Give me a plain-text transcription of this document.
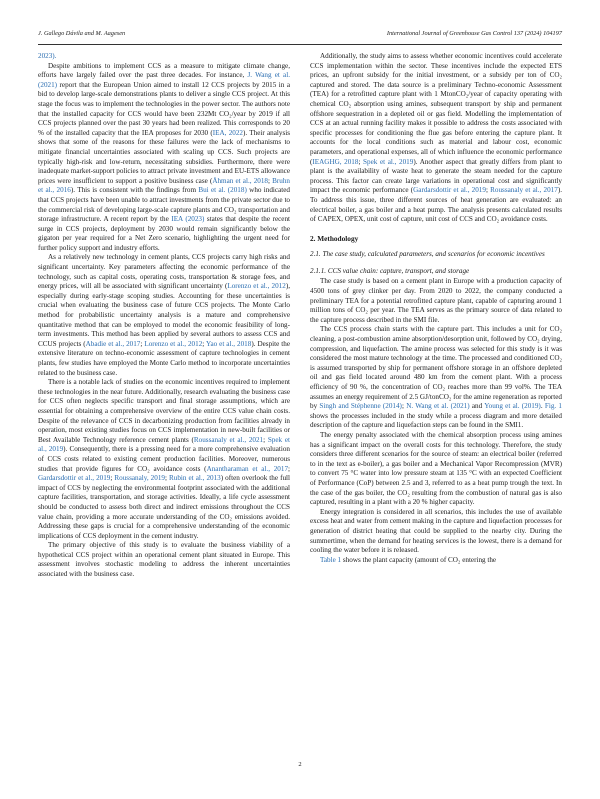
J. Gallego Dávila and M. Aagesen	International Journal of Greenhouse Gas Control 137 (2024) 104197

2023).

Despite ambitions to implement CCS as a measure to mitigate climate change, efforts have largely failed over the past three decades. For instance, J. Wang et al. (2021) report that the European Union aimed to install 12 CCS projects by 2015 in a bid to develop large-scale demonstrations plants to deliver a single CCS project. At this stage the focus was to implement the technologies in the power sector. The authors note that the installed capacity for CCS would have been 232Mt CO₂/year by 2019 if all CCS projects planned over the past 30 years had been realized. This corresponds to 20 % of the installed capacity that the IEA proposes for 2030 (IEA, 2022). Their analysis shows that some of the reasons for these failures were the lack of mechanisms to mitigate financial uncertainties associated with scaling up CCS. Such projects are typically high-risk and low-return, necessitating subsidies. Furthermore, there were inadequate market-support policies to attract private investment and EU-ETS allowance prices were insufficient to support a positive business case (Åhman et al., 2018; Bruhn et al., 2016). This is consistent with the findings from Bui et al. (2018) who indicated that CCS projects have been unable to attract investments from the private sector due to the commercial risk of developing large-scale capture plants and CO₂ transportation and storage infrastructure. A recent report by the IEA (2023) states that despite the recent surge in CCS projects, deployment by 2030 would remain significantly below the gigaton per year required for a Net Zero scenario, highlighting the urgent need for further policy support and industry efforts.

As a relatively new technology in cement plants, CCS projects carry high risks and significant uncertainty. Key parameters affecting the economic performance of the technology, such as capital costs, operating costs, transportation & storage fees, and energy prices, will all be associated with significant uncertainty (Lorenzo et al., 2012), especially during early-stage scoping studies. Accounting for these uncertainties is crucial when evaluating the business case of future CCS projects. The Monte Carlo method for probabilistic uncertainty analysis is a mature and comprehensive quantitative method that can be employed to model the economic feasibility of long-term investments. This method has been applied by several authors to assess CCS and CCUS projects (Abadie et al., 2017; Lorenzo et al., 2012; Yao et al., 2018). Despite the extensive literature on techno-economic assessment of capture technologies in cement plants, few studies have employed the Monte Carlo method to incorporate uncertainties related to the business case.

There is a notable lack of studies on the economic incentives required to implement these technologies in the near future. Additionally, research evaluating the business case for CCS often neglects specific transport and final storage assumptions, which are essential for obtaining a comprehensive overview of the entire CCS value chain costs. Despite of the relevance of CCS in decarbonizing production from facilities already in operation, most existing studies focus on CCS implementation in new-built facilities or Best Available Technology reference cement plants (Roussanaly et al., 2021; Spek et al., 2019). Consequently, there is a pressing need for a more comprehensive evaluation of CCS costs related to existing cement production facilities. Moreover, numerous studies that provide figures for CO₂ avoidance costs (Anantharaman et al., 2017; Gardarsdottir et al., 2019; Roussanaly, 2019; Rubin et al., 2013) often overlook the full impact of CCS by neglecting the environmental footprint associated with the additional capture facilities, transportation, and storage activities. Ideally, a life cycle assessment should be conducted to assess both direct and indirect emissions throughout the CCS value chain, providing a more accurate understanding of the CO₂ emissions avoided. Addressing these gaps is crucial for a comprehensive understanding of the economic implications of CCS deployment in the cement industry.

The primary objective of this study is to evaluate the business viability of a hypothetical CCS project within an operational cement plant situated in Europe. This assessment involves stochastic modeling to address the inherent uncertainties associated with the business case.

Additionally, the study aims to assess whether economic incentives could accelerate CCS implementation within the sector. These incentives include the expected ETS prices, an upfront subsidy for the initial investment, or a subsidy per ton of CO₂ captured and stored. The data source is a preliminary Techno-economic Assessment (TEA) for a retrofitted capture plant with 1 MtonCO₂/year of capacity operating with chemical CO₂ absorption using amines, subsequent transport by ship and permanent offshore sequestration in a depleted oil or gas field. Modelling the implementation of CCS at an actual running facility makes it possible to address the costs associated with specific processes for conditioning the flue gas before entering the capture plant. It accounts for the local conditions such as material and labour cost, economic parameters, and operational expenses, all of which influence the economic performance (IEAGHG, 2018; Spek et al., 2019). Another aspect that greatly differs from plant to plant is the availability of waste heat to generate the steam needed for the capture process. This factor can create large variations in operational cost and significantly impact the economic performance (Gardarsdottir et al., 2019; Roussanaly et al., 2017). To address this issue, three different sources of heat generation are evaluated: an electrical boiler, a gas boiler and a heat pump. The analysis presents calculated results of CAPEX, OPEX, unit cost of capture, unit cost of CCS and CO₂ avoidance costs.

2. Methodology
2.1. The case study, calculated parameters, and scenarios for economic incentives
2.1.1. CCS value chain: capture, transport, and storage

The case study is based on a cement plant in Europe with a production capacity of 4500 tons of grey clinker per day. From 2020 to 2022, the company conducted a preliminary TEA for a potential retrofitted capture plant, capable of capturing around 1 million tons of CO₂ per year. The TEA serves as the primary source of data related to the capture process described in the SMI file.

The CCS process chain starts with the capture part. This includes a unit for CO₂ cleaning, a post-combustion amine absorption/desorption unit, followed by CO₂ drying, compression, and liquefaction. The amine process was selected for this study is it was considered the most mature technology at the time. The processed and conditioned CO₂ is assumed transported by ship for permanent offshore storage in an offshore depleted oil and gas field located around 480 km from the cement plant. With a process efficiency of 90 %, the concentration of CO₂ reaches more than 99 vol%. The TEA assumes an energy requirement of 2.5 GJ/tonCO₂ for the amine regeneration as reported by Singh and Stéphenne (2014); N. Wang et al. (2021) and Young et al. (2019). Fig. 1 shows the processes included in the study while a process diagram and more detailed description of the capture and liquefaction steps can be found in the SMI1.

The energy penalty associated with the chemical absorption process using amines has a significant impact on the overall costs for this technology. Therefore, the study considers three different scenarios for the source of steam: an electrical boiler (referred to in the text as e-boiler), a gas boiler and a Mechanical Vapor Recompression (MVR) to convert 75 °C water into low pressure steam at 135 °C with an expected Coefficient of Performance (CoP) between 2.5 and 3, referred to as a heat pump trough the text. In the case of the gas boiler, the CO₂ resulting from the combustion of natural gas is also captured, resulting in a plant with a 20 % higher capacity.

Energy integration is considered in all scenarios, this includes the use of available excess heat and water from cement making in the capture and liquefaction processes for generation of district heating that could be supplied to the nearby city. During the summertime, when the demand for heating services is the lowest, there is a demand for cooling the water before it is released.

Table 1 shows the plant capacity (amount of CO₂ entering the

2
